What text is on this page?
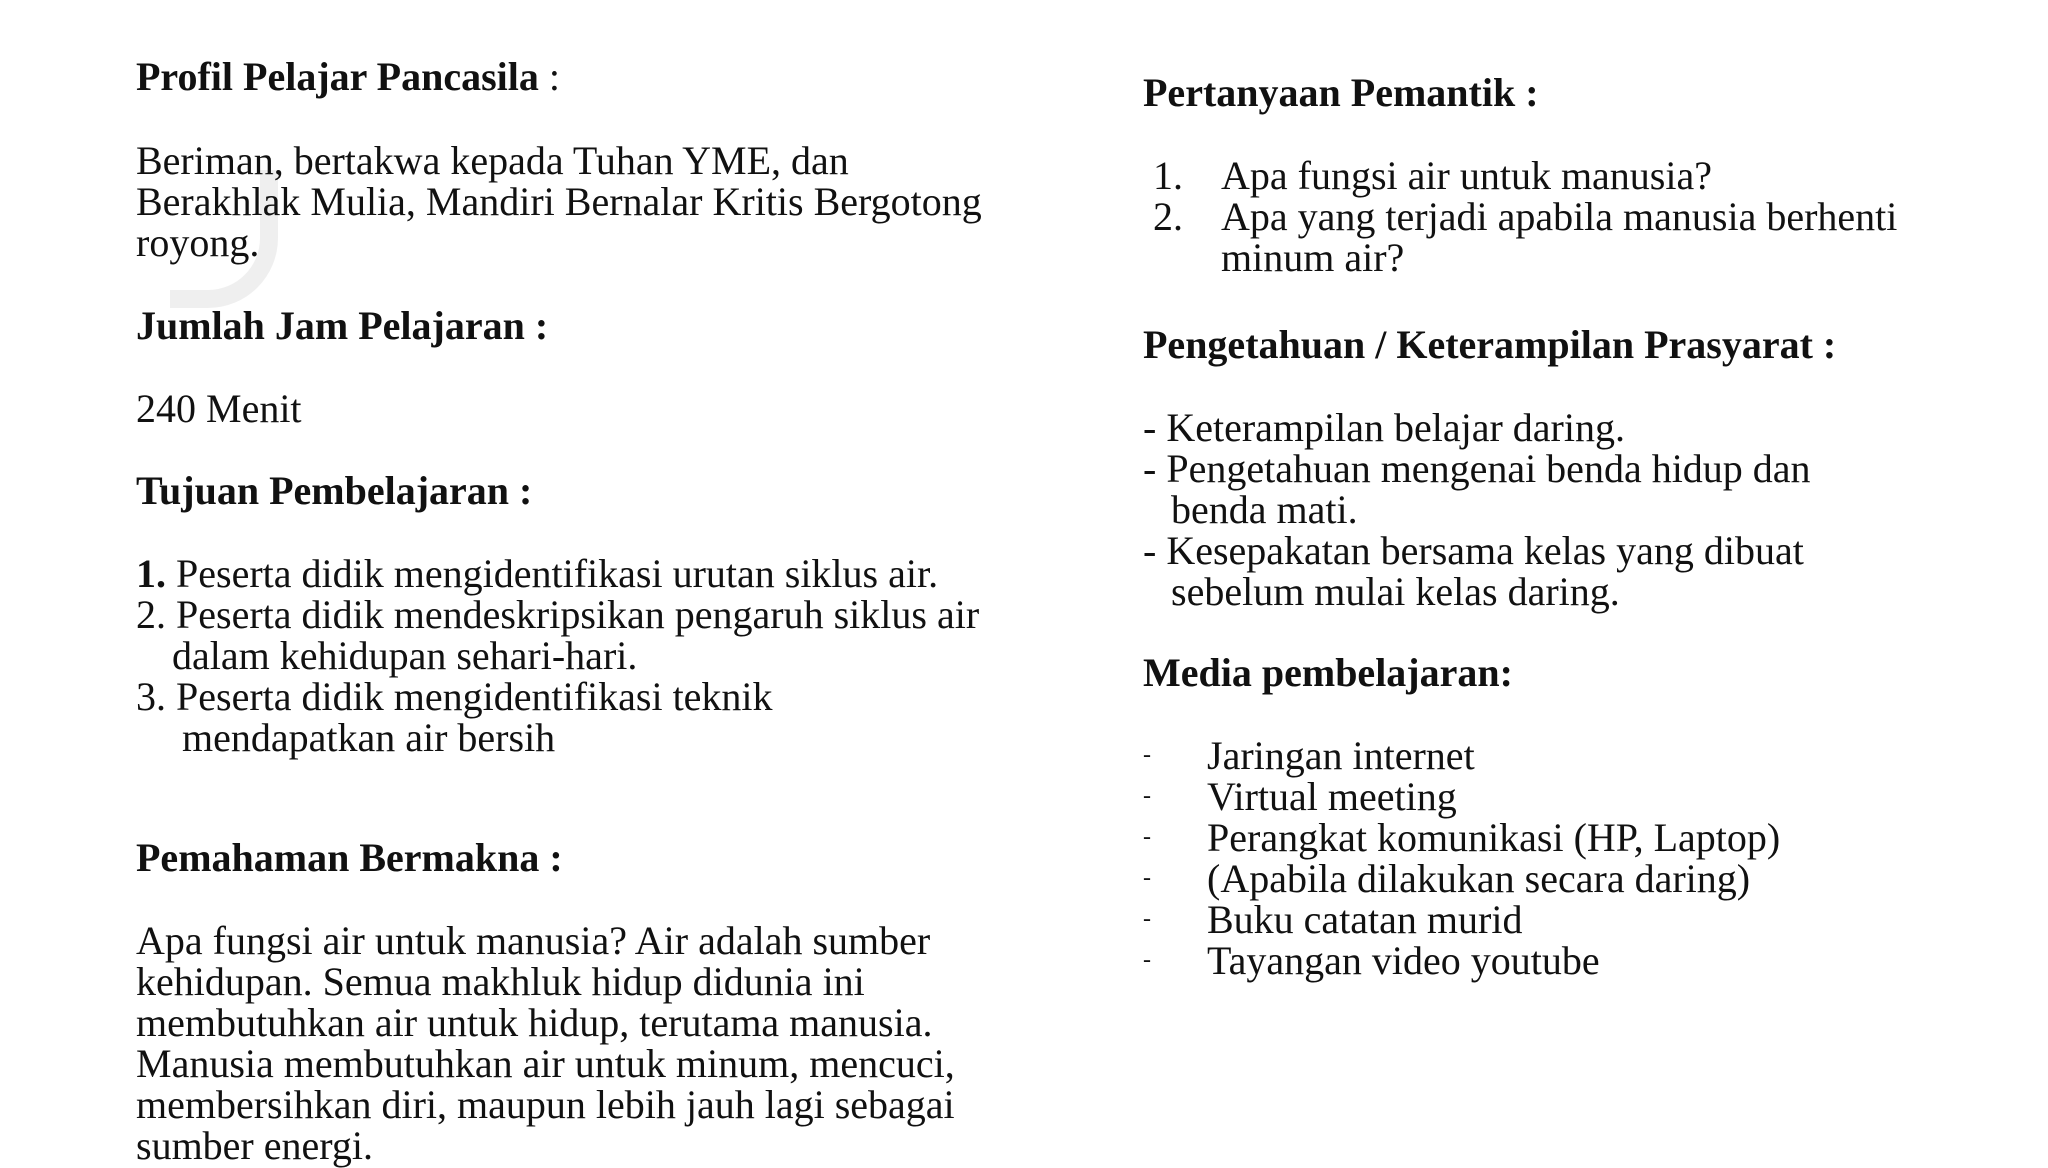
Profil Pelajar Pancasila :
Beriman, bertakwa kepada Tuhan YME, dan
Berakhlak Mulia, Mandiri Bernalar Kritis Bergotong
royong.
Jumlah Jam Pelajaran :
240 Menit
Tujuan Pembelajaran :
1. Peserta didik mengidentifikasi urutan siklus air.
2. Peserta didik mendeskripsikan pengaruh siklus air
dalam kehidupan sehari-hari.
3. Peserta didik mengidentifikasi teknik
mendapatkan air bersih
Pemahaman Bermakna :
Apa fungsi air untuk manusia? Air adalah sumber
kehidupan. Semua makhluk hidup didunia ini
membutuhkan air untuk hidup, terutama manusia.
Manusia membutuhkan air untuk minum, mencuci,
membersihkan diri, maupun lebih jauh lagi sebagai
sumber energi.
Pertanyaan Pemantik :
1. Apa fungsi air untuk manusia?
2. Apa yang terjadi apabila manusia berhenti
minum air?
Pengetahuan / Keterampilan Prasyarat :
- Keterampilan belajar daring.
- Pengetahuan mengenai benda hidup dan
benda mati.
- Kesepakatan bersama kelas yang dibuat
sebelum mulai kelas daring.
Media pembelajaran:
- Jaringan internet
- Virtual meeting
- Perangkat komunikasi (HP, Laptop)
- (Apabila dilakukan secara daring)
- Buku catatan murid
- Tayangan video youtube
